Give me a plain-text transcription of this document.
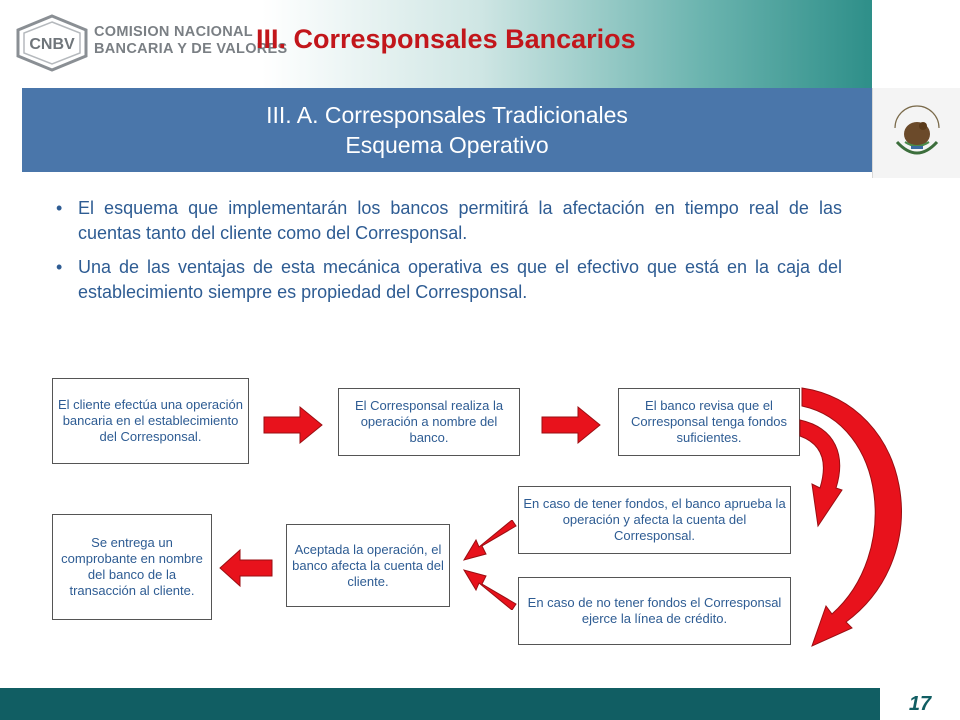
CNBV
COMISION NACIONAL
BANCARIA Y DE VALORES
III. Corresponsales Bancarios
III. A. Corresponsales Tradicionales
Esquema Operativo
• El esquema que implementarán los bancos permitirá la afectación en tiempo real de las cuentas tanto del cliente como del Corresponsal.
• Una de las ventajas de esta mecánica operativa es que el efectivo que está en la caja del establecimiento siempre es propiedad del Corresponsal.
El cliente efectúa una operación bancaria en el establecimiento del Corresponsal.
El Corresponsal realiza la operación a nombre del banco.
El banco revisa que el Corresponsal tenga fondos suficientes.
En caso de tener fondos, el banco aprueba la operación y afecta la cuenta del Corresponsal.
En caso de no tener fondos el Corresponsal ejerce la línea de crédito.
Aceptada la operación, el banco afecta la cuenta del cliente.
Se entrega un comprobante en nombre del banco de la transacción al cliente.
17
